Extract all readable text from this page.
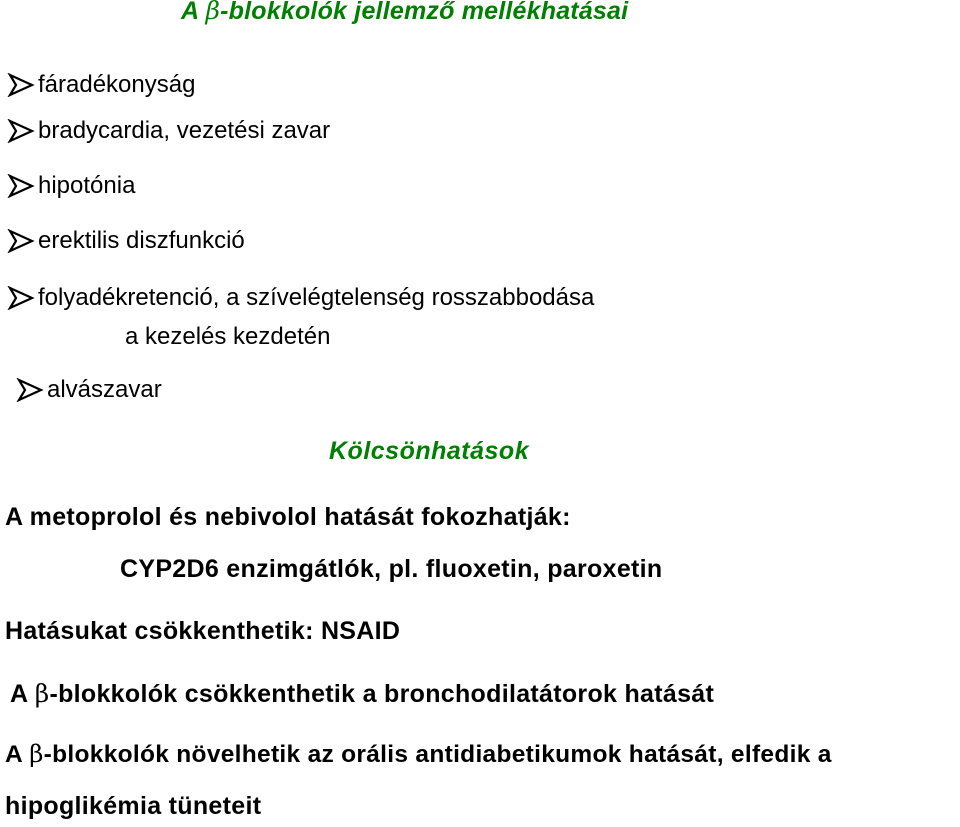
A β-blokkolók jellemző mellékhatásai
fáradékonyság
bradycardia, vezetési zavar
hipotónia
erektilis diszfunkció
folyadékretenció, a szívelégtelenség rosszabbodása
a kezelés kezdetén
alvászavar
Kölcsönhatások
A metoprolol és nebivolol hatását fokozhatják:
CYP2D6 enzimgátlók, pl. fluoxetin, paroxetin
Hatásukat csökkenthetik: NSAID
A β-blokkolók csökkenthetik a bronchodilatátorok hatását
A β-blokkolók növelhetik az orális antidiabetikumok hatását, elfedik a
hipoglikémia tüneteit
